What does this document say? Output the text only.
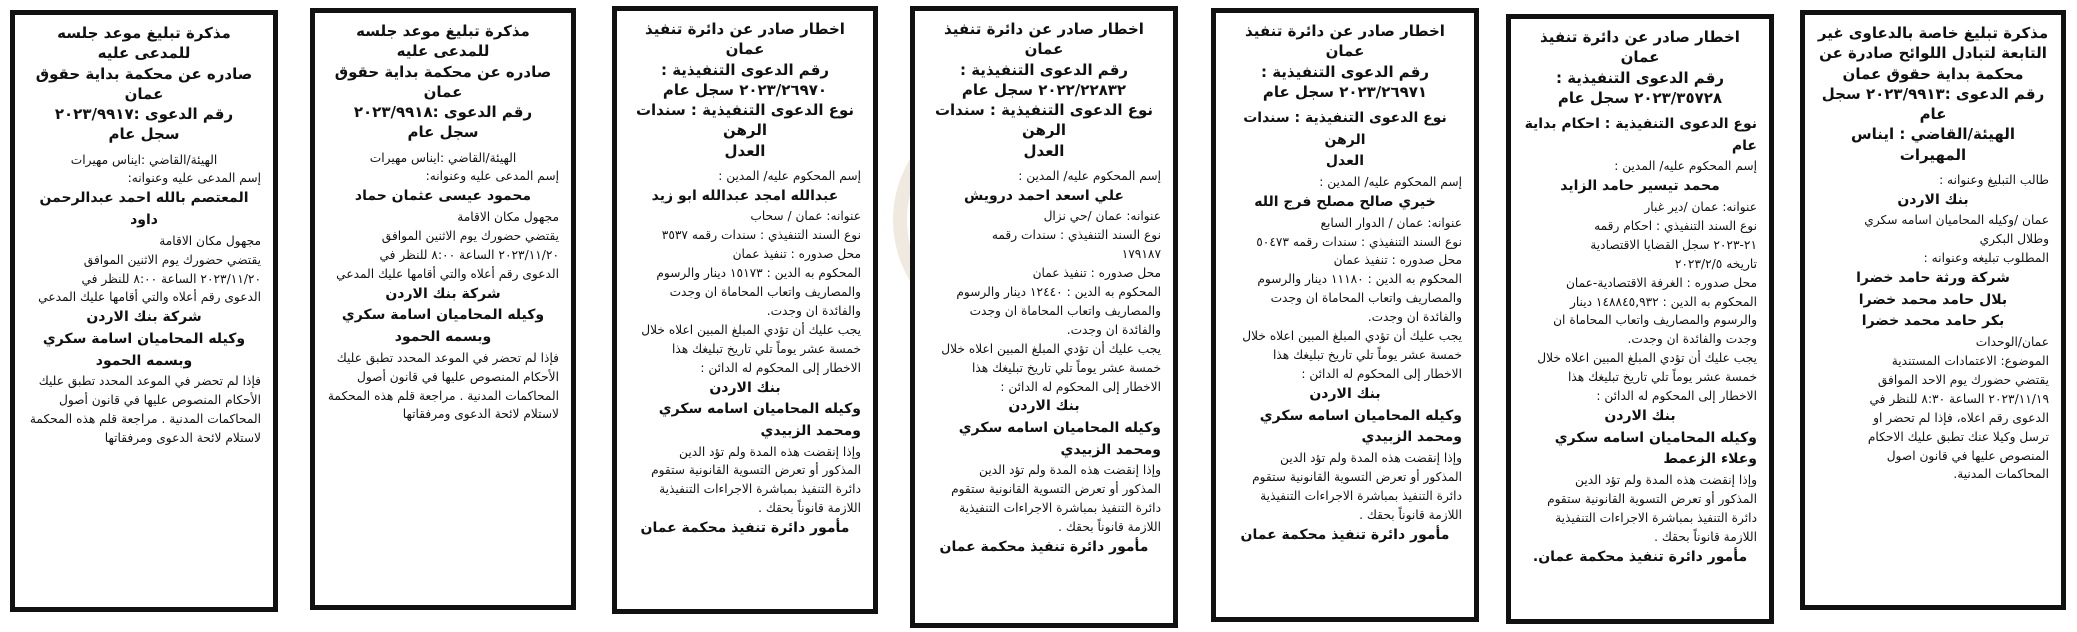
مذكرة تبليغ خاصة بالدعاوى غير
التابعة لتبادل اللوائح صادرة عن
محكمة بداية حقوق عمان
رقم الدعوى :٢٠٢٣/٩٩١٣ سجل عام
الهيئة/القاضي : ايناس المهيرات
طالب التبليغ وعنوانه :
بنك الاردن
عمان /وكيله المحاميان اسامه سكري
وطلال البكري
المطلوب تبليغه وعنوانه :
شركة ورثة حامد خضرا
بلال حامد محمد خضرا
بكر حامد محمد خضرا
عمان/الوحدات
الموضوع: الاعتمادات المستندية
يقتضي حضورك يوم الاحد الموافق
٢٠٢٣/١١/١٩ الساعة ٨:٣٠ للنظر في
الدعوى رقم اعلاه، فإذا لم تحضر او
ترسل وكيلا عنك تطبق عليك الاحكام
المنصوص عليها في قانون اصول
المحاكمات المدنية.
اخطار صادر عن دائرة تنفيذ عمان
رقم الدعوى التنفيذية :
٢٠٢٣/٣٥٧٢٨ سجل عام
نوع الدعوى التنفيذية : احكام بداية عام
إسم المحكوم عليه/ المدين :
محمد تيسير حامد الزايد
عنوانه: عمان /دير غبار
نوع السند التنفيذي : احكام رقمه
٢١-٢٠٢٣ سجل القضايا الاقتصادية
تاريخه ٢٠٢٣/٢/٥
محل صدوره : الغرفة الاقتصادية-عمان
المحكوم به الدين : ١٤٨٨٤٥,٩٣٢ دينار
والرسوم والمصاريف واتعاب المحاماة ان
وجدت والفائدة ان وجدت.
يجب عليك أن تؤدي المبلغ المبين اعلاه خلال
خمسة عشر يوماً تلي تاريخ تبليغك هذا
الاخطار إلى المحكوم له الدائن :
بنك الاردن
وكيله المحاميان اسامه سكري وعلاء الزعمط
وإذا إنقضت هذه المدة ولم تؤد الدين
المذكور أو تعرض التسوية القانونية ستقوم
دائرة التنفيذ بمباشرة الاجراءات التنفيذية
اللازمة قانوناً بحقك .
مأمور دائرة تنفيذ محكمة عمان.
اخطار صادر عن دائرة تنفيذ عمان
رقم الدعوى التنفيذية :
٢٠٢٣/٢٦٩٧١ سجل عام
نوع الدعوى التنفيذية : سندات الرهن
العدل
إسم المحكوم عليه/ المدين :
خيري صالح مصلح فرج الله
عنوانه: عمان / الدوار السابع
نوع السند التنفيذي : سندات رقمه ٥٠٤٧٣
محل صدوره : تنفيذ عمان
المحكوم به الدين : ١١١٨٠ دينار والرسوم
والمصاريف واتعاب المحاماة ان وجدت
والفائدة ان وجدت.
يجب عليك أن تؤدي المبلغ المبين اعلاه خلال
خمسة عشر يوماً تلي تاريخ تبليغك هذا
الاخطار إلى المحكوم له الدائن :
بنك الاردن
وكيله المحاميان اسامه سكري ومحمد الزبيدي
وإذا إنقضت هذه المدة ولم تؤد الدين
المذكور أو تعرض التسوية القانونية ستقوم
دائرة التنفيذ بمباشرة الاجراءات التنفيذية
اللازمة قانوناً بحقك .
مأمور دائرة تنفيذ محكمة عمان
اخطار صادر عن دائرة تنفيذ عمان
رقم الدعوى التنفيذية :
٢٠٢٢/٢٢٨٣٢ سجل عام
نوع الدعوى التنفيذية : سندات الرهن
العدل
إسم المحكوم عليه/ المدين :
علي اسعد احمد درويش
عنوانه: عمان /حي نزال
نوع السند التنفيذي : سندات رقمه
١٧٩١٨٧
محل صدوره : تنفيذ عمان
المحكوم به الدين : ١٢٤٤٠ دينار والرسوم
والمصاريف واتعاب المحاماة ان وجدت
والفائدة ان وجدت.
يجب عليك أن تؤدي المبلغ المبين اعلاه خلال
خمسة عشر يوماً تلي تاريخ تبليغك هذا
الاخطار إلى المحكوم له الدائن :
بنك الاردن
وكيله المحاميان اسامه سكري ومحمد الزبيدي
وإذا إنقضت هذه المدة ولم تؤد الدين
المذكور أو تعرض التسوية القانونية ستقوم
دائرة التنفيذ بمباشرة الاجراءات التنفيذية
اللازمة قانوناً بحقك .
مأمور دائرة تنفيذ محكمة عمان
اخطار صادر عن دائرة تنفيذ عمان
رقم الدعوى التنفيذية :
٢٠٢٣/٢٦٩٧٠ سجل عام
نوع الدعوى التنفيذية : سندات الرهن
العدل
إسم المحكوم عليه/ المدين :
عبدالله امجد عبدالله ابو زيد
عنوانه: عمان / سحاب
نوع السند التنفيذي : سندات رقمه ٣٥٣٧
محل صدوره : تنفيذ عمان
المحكوم به الدين : ١٥١٧٣ دينار والرسوم
والمصاريف واتعاب المحاماة ان وجدت
والفائدة ان وجدت.
يجب عليك أن تؤدي المبلغ المبين اعلاه خلال
خمسة عشر يوماً تلي تاريخ تبليغك هذا
الاخطار إلى المحكوم له الدائن :
بنك الاردن
وكيله المحاميان اسامه سكري ومحمد الزبيدي
وإذا إنقضت هذه المدة ولم تؤد الدين
المذكور أو تعرض التسوية القانونية ستقوم
دائرة التنفيذ بمباشرة الاجراءات التنفيذية
اللازمة قانوناً بحقك .
مأمور دائرة تنفيذ محكمة عمان
مذكرة تبليغ موعد جلسه للمدعى عليه
صادره عن محكمة بداية حقوق عمان
رقم الدعوى :٢٠٢٣/٩٩١٨
سجل عام
الهيئة/القاضي :ايناس مهيرات
إسم المدعى عليه وعنوانه:
محمود عيسى عثمان حماد
مجهول مكان الاقامة
يقتضي حضورك يوم الاثنين الموافق
٢٠٢٣/١١/٢٠ الساعة ٨:٠٠ للنظر في
الدعوى رقم أعلاه والتي أقامها عليك المدعي
شركة بنك الاردن
وكيله المحاميان اسامة سكري وبسمه الحمود
فإذا لم تحضر في الموعد المحدد تطبق عليك
الأحكام المنصوص عليها في قانون أصول
المحاكمات المدنية . مراجعة قلم هذه المحكمة
لاستلام لائحة الدعوى ومرفقاتها
مذكرة تبليغ موعد جلسه للمدعى عليه
صادره عن محكمة بداية حقوق عمان
رقم الدعوى :٢٠٢٣/٩٩١٧
سجل عام
الهيئة/القاضي :ايناس مهيرات
إسم المدعى عليه وعنوانه:
المعتصم بالله احمد عبدالرحمن داود
مجهول مكان الاقامة
يقتضي حضورك يوم الاثنين الموافق
٢٠٢٣/١١/٢٠ الساعة ٨:٠٠ للنظر في
الدعوى رقم أعلاه والتي أقامها عليك المدعي
شركة بنك الاردن
وكيله المحاميان اسامة سكري وبسمه الحمود
فإذا لم تحضر في الموعد المحدد تطبق عليك
الأحكام المنصوص عليها في قانون أصول
المحاكمات المدنية . مراجعة قلم هذه المحكمة
لاستلام لائحة الدعوى ومرفقاتها
